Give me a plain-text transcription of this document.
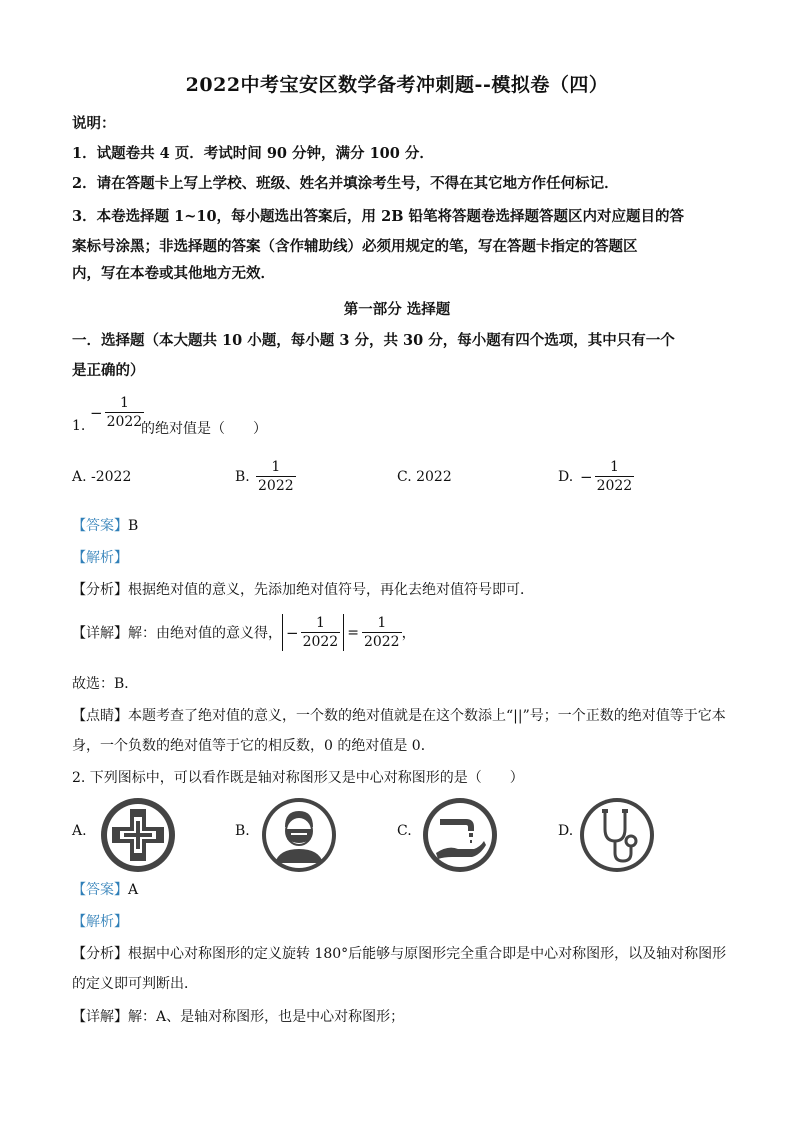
2022中考宝安区数学备考冲刺题--模拟卷（四）
说明：
1．试题卷共 4 页．考试时间 90 分钟，满分 100 分．
2．请在答题卡上写上学校、班级、姓名并填涂考生号，不得在其它地方作任何标记．
3．本卷选择题 1~10，每小题选出答案后，用 2B 铅笔将答题卷选择题答题区内对应题目的答
案标号涂黑；非选择题的答案（含作辅助线）必须用规定的笔，写在答题卡指定的答题区
内，写在本卷或其他地方无效．
第一部分 选择题
一．选择题（本大题共 10 小题，每小题 3 分，共 30 分，每小题有四个选项，其中只有一个
是正确的）
1.
− $\frac{1}{2022}$
的绝对值是（　　）
A. -2022	B. $\frac{1}{2022}$	C. 2022	D. − $\frac{1}{2022}$
【答案】B
【解析】
【分析】根据绝对值的意义，先添加绝对值符号，再化去绝对值符号即可．
【详解】解：由绝对值的意义得， − $\frac{1}{2022} = \frac{1}{2022}$ ，
故选：B．
【点睛】本题考查了绝对值的意义，一个数的绝对值就是在这个数添上“||”号；一个正数的绝对值等于它本
身，一个负数的绝对值等于它的相反数，0 的绝对值是 0．
2. 下列图标中，可以看作既是轴对称图形又是中心对称图形的是（　　）
A.	B.	C.	D.
【答案】A
【解析】
【分析】根据中心对称图形的定义旋转 180°后能够与原图形完全重合即是中心对称图形，以及轴对称图形
的定义即可判断出．
【详解】解：A、是轴对称图形，也是中心对称图形；
